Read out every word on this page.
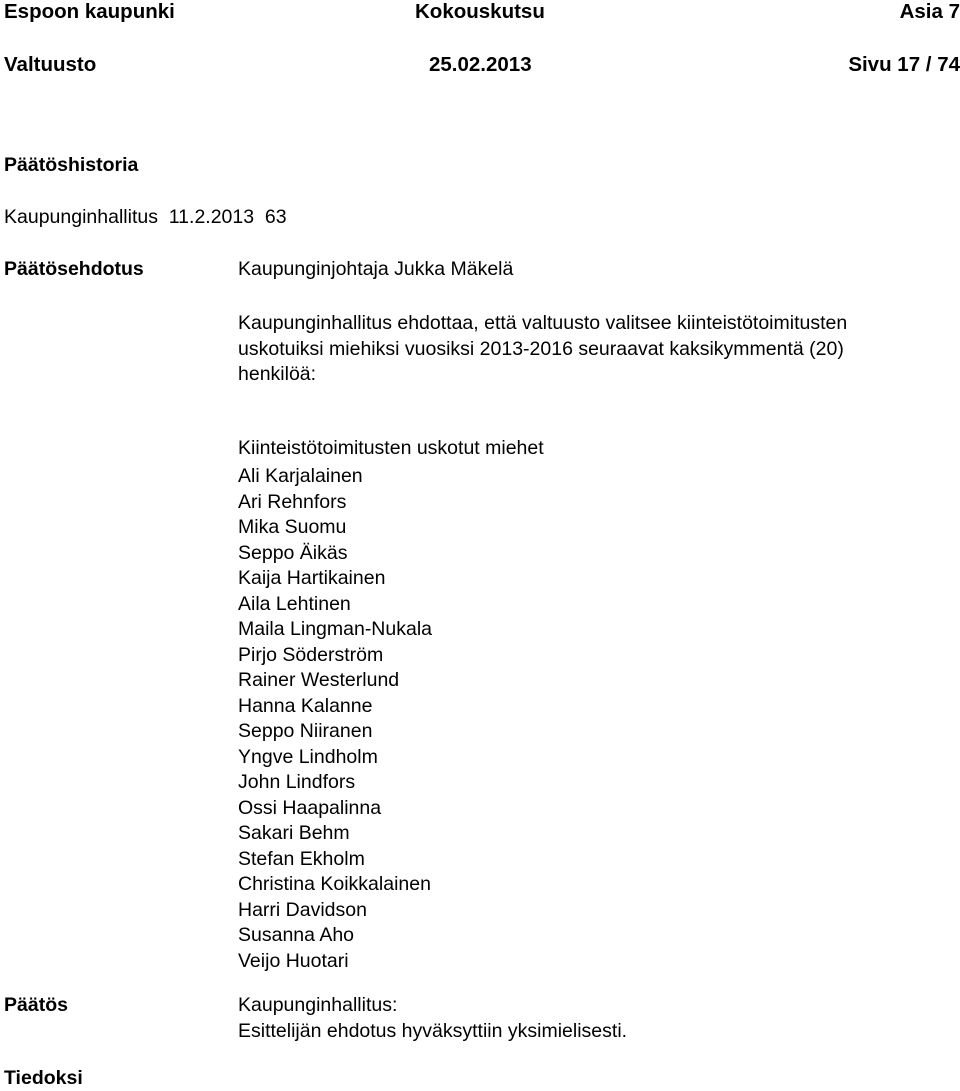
Espoon kaupunki	Kokouskutsu	Asia 7
Valtuusto	25.02.2013	Sivu 17 / 74
Päätöshistoria
Kaupunginhallitus  11.2.2013  63
Päätösehdotus	Kaupunginjohtaja Jukka Mäkelä
Kaupunginhallitus ehdottaa, että valtuusto valitsee kiinteistötoimitusten
uskotuiksi miehiksi vuosiksi 2013-2016 seuraavat kaksikymmentä (20)
henkilöä:
Kiinteistötoimitusten uskotut miehet
Ali Karjalainen
Ari Rehnfors
Mika Suomu
Seppo Äikäs
Kaija Hartikainen
Aila Lehtinen
Maila Lingman-Nukala
Pirjo Söderström
Rainer Westerlund
Hanna Kalanne
Seppo Niiranen
Yngve Lindholm
John Lindfors
Ossi Haapalinna
Sakari Behm
Stefan Ekholm
Christina Koikkalainen
Harri Davidson
Susanna Aho
Veijo Huotari
Päätös	Kaupunginhallitus:
Esittelijän ehdotus hyväksyttiin yksimielisesti.
Tiedoksi
